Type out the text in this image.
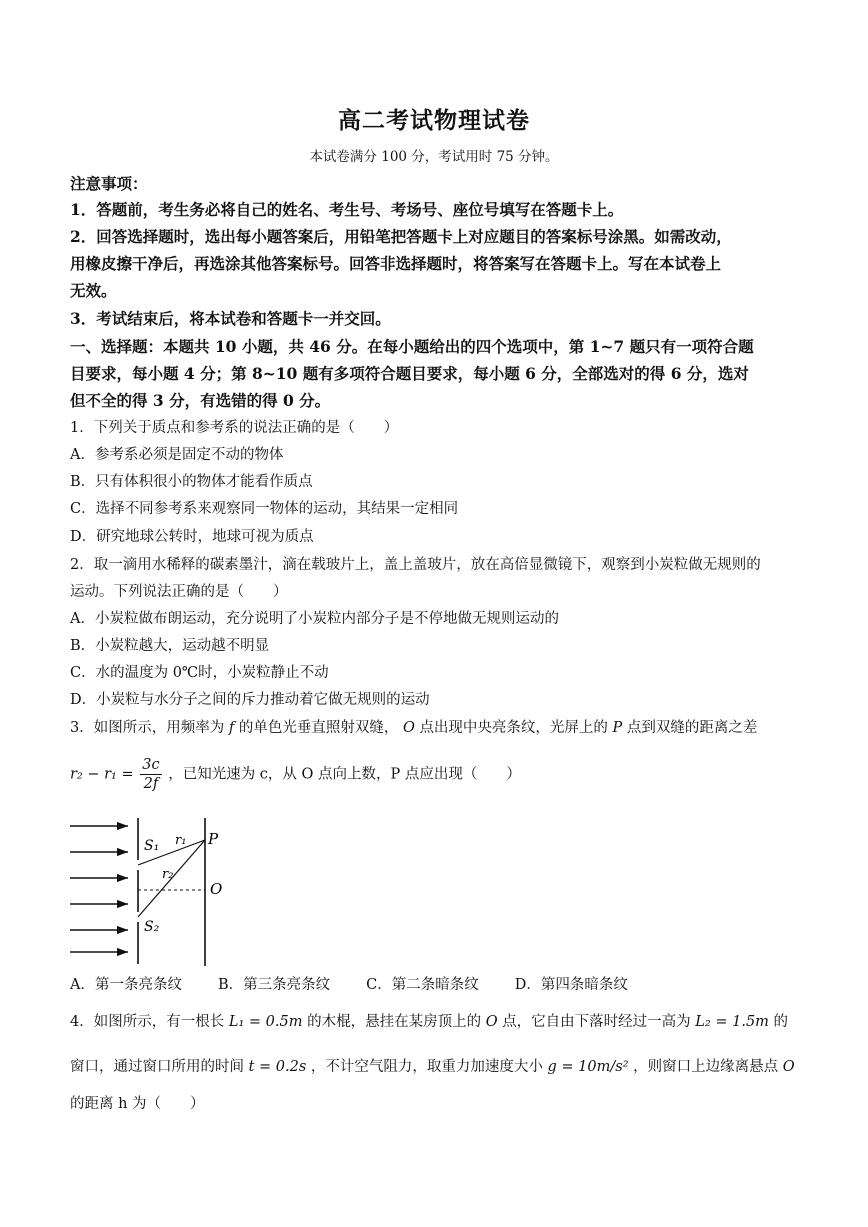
高二考试物理试卷
本试卷满分 100 分，考试用时 75 分钟。
注意事项：
1．答题前，考生务必将自己的姓名、考生号、考场号、座位号填写在答题卡上。
2．回答选择题时，选出每小题答案后，用铅笔把答题卡上对应题目的答案标号涂黑。如需改动，
用橡皮擦干净后，再选涂其他答案标号。回答非选择题时，将答案写在答题卡上。写在本试卷上
无效。
3．考试结束后，将本试卷和答题卡一并交回。
一、选择题：本题共 10 小题，共 46 分。在每小题给出的四个选项中，第 1~7 题只有一项符合题
目要求，每小题 4 分；第 8~10 题有多项符合题目要求，每小题 6 分，全部选对的得 6 分，选对
但不全的得 3 分，有选错的得 0 分。
1．下列关于质点和参考系的说法正确的是（　　）
A．参考系必须是固定不动的物体
B．只有体积很小的物体才能看作质点
C．选择不同参考系来观察同一物体的运动，其结果一定相同
D．研究地球公转时，地球可视为质点
2．取一滴用水稀释的碳素墨汁，滴在载玻片上，盖上盖玻片，放在高倍显微镜下，观察到小炭粒做无规则的
运动。下列说法正确的是（　　）
A．小炭粒做布朗运动，充分说明了小炭粒内部分子是不停地做无规则运动的
B．小炭粒越大，运动越不明显
C．水的温度为 0℃时，小炭粒静止不动
D．小炭粒与水分子之间的斥力推动着它做无规则的运动
3．如图所示，用频率为 f 的单色光垂直照射双缝， O 点出现中央亮条纹，光屏上的 P 点到双缝的距离之差
$r_2 - r_1 = \frac{3c}{2f}$ ，已知光速为 c，从 O 点向上数，P 点应出现（　　）
S₁
S₂
r₁
r₂
P
O
A．第一条亮条纹 B．第三条亮条纹 C．第二条暗条纹 D．第四条暗条纹
4．如图所示，有一根长 L₁ = 0.5m 的木棍，悬挂在某房顶上的 O 点，它自由下落时经过一高为 L₂ = 1.5m 的
窗口，通过窗口所用的时间 t = 0.2s ，不计空气阻力，取重力加速度大小 g = 10m/s² ，则窗口上边缘离悬点 O
的距离 h 为（　　）
